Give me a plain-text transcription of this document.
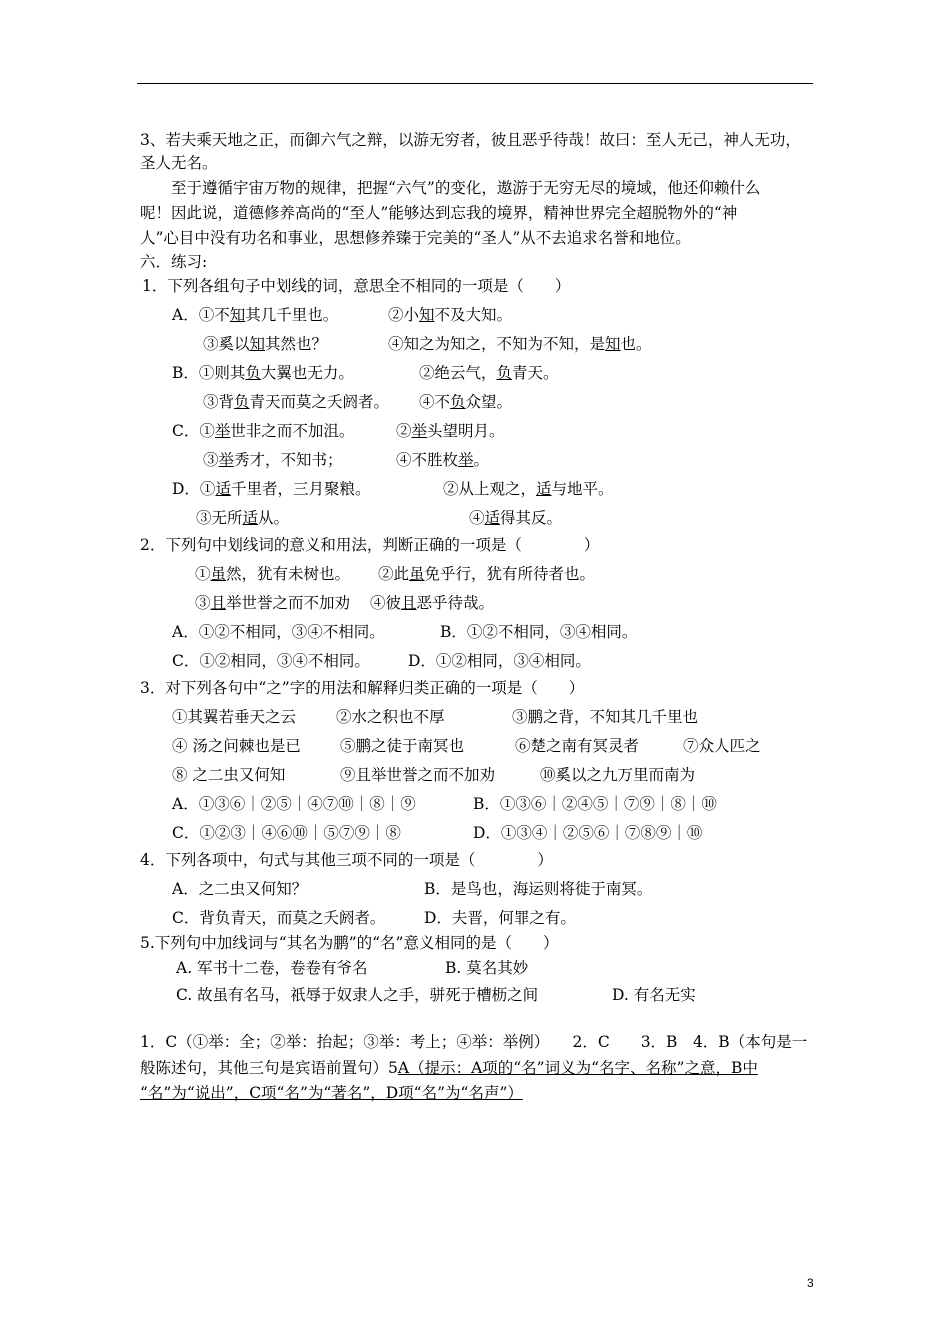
3、若夫乘天地之正，而御六气之辩，以游无穷者，彼且恶乎待哉！故曰：至人无己，神人无功，
圣人无名。
至于遵循宇宙万物的规律，把握“六气”的变化，遨游于无穷无尽的境域，他还仰赖什么
呢！因此说，道德修养高尚的“至人”能够达到忘我的境界，精神世界完全超脱物外的“神
人”心目中没有功名和事业，思想修养臻于完美的“圣人”从不去追求名誉和地位。
六．练习:
1．下列各组句子中划线的词，意思全不相同的一项是（　　）
A．①不知其几千里也。	②小知不及大知。
③奚以知其然也？	④知之为知之，不知为不知，是知也。
B．①则其负大翼也无力。	②绝云气，负青天。
③背负青天而莫之夭阏者。 ④不负众望。
C．①举世非之而不加沮。	②举头望明月。
③举秀才，不知书；	④不胜枚举。
D．①适千里者，三月聚粮。	②从上观之，适与地平。
③无所适从。	④适得其反。
2．下列句中划线词的意义和用法，判断正确的一项是（　　　　）
①虽然，犹有未树也。 ②此虽免乎行，犹有所待者也。
③且举世誉之而不加劝 ④彼且恶乎待哉。
A．①②不相同，③④不相同。	B．①②不相同，③④相同。
C．①②相同，③④不相同。 D．①②相同，③④相同。
3．对下列各句中“之”字的用法和解释归类正确的一项是（　　）
①其翼若垂天之云	②水之积也不厚	③鹏之背，不知其几千里也
④ 汤之问棘也是已	⑤鹏之徒于南冥也	⑥楚之南有冥灵者	⑦众人匹之
⑧ 之二虫又何知	⑨且举世誉之而不加劝	⑩奚以之九万里而南为
A．①③⑥｜②⑤｜④⑦⑩｜⑧｜⑨	B．①③⑥｜②④⑤｜⑦⑨｜⑧｜⑩
C．①②③｜④⑥⑩｜⑤⑦⑨｜⑧	D．①③④｜②⑤⑥｜⑦⑧⑨｜⑩
4．下列各项中，句式与其他三项不同的一项是（　　　　）
A．之二虫又何知？	B．是鸟也，海运则将徙于南冥。
C．背负青天，而莫之夭阏者。 D．夫晋，何罪之有。
5.下列句中加线词与“其名为鹏”的“名”意义相同的是（　　）
A. 军书十二卷，卷卷有爷名	B. 莫名其妙
C. 故虽有名马，祇辱于奴隶人之手，骈死于槽枥之间	D. 有名无实
1．C（①举：全；②举：抬起；③举：考上；④举：举例）　　2．C　　3．B　4．B（本句是一
般陈述句，其他三句是宾语前置句）5A（提示：A项的“名”词义为“名字、名称”之意，B中
“名”为“说出”，C项“名”为“著名”，D项“名”为“名声”）
3
